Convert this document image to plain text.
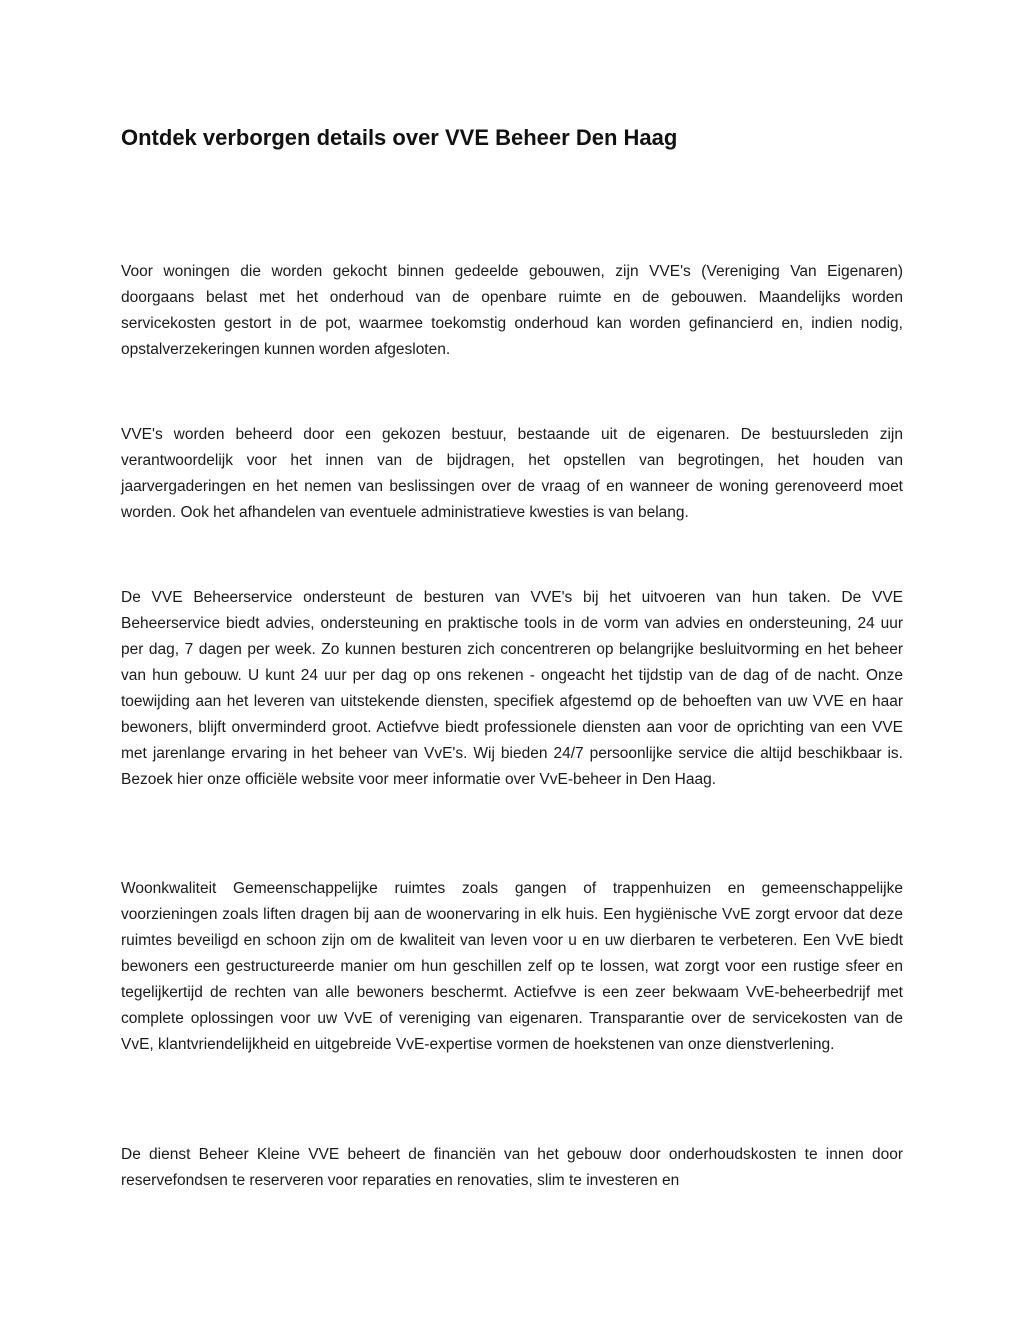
Ontdek verborgen details over VVE Beheer Den Haag

Voor woningen die worden gekocht binnen gedeelde gebouwen, zijn VVE's (Vereniging Van Eigenaren) doorgaans belast met het onderhoud van de openbare ruimte en de gebouwen. Maandelijks worden servicekosten gestort in de pot, waarmee toekomstig onderhoud kan worden gefinancierd en, indien nodig, opstalverzekeringen kunnen worden afgesloten.

VVE's worden beheerd door een gekozen bestuur, bestaande uit de eigenaren. De bestuursleden zijn verantwoordelijk voor het innen van de bijdragen, het opstellen van begrotingen, het houden van jaarvergaderingen en het nemen van beslissingen over de vraag of en wanneer de woning gerenoveerd moet worden. Ook het afhandelen van eventuele administratieve kwesties is van belang.

De VVE Beheerservice ondersteunt de besturen van VVE's bij het uitvoeren van hun taken. De VVE Beheerservice biedt advies, ondersteuning en praktische tools in de vorm van advies en ondersteuning, 24 uur per dag, 7 dagen per week. Zo kunnen besturen zich concentreren op belangrijke besluitvorming en het beheer van hun gebouw. U kunt 24 uur per dag op ons rekenen - ongeacht het tijdstip van de dag of de nacht. Onze toewijding aan het leveren van uitstekende diensten, specifiek afgestemd op de behoeften van uw VVE en haar bewoners, blijft onverminderd groot. Actiefvve biedt professionele diensten aan voor de oprichting van een VVE met jarenlange ervaring in het beheer van VvE's. Wij bieden 24/7 persoonlijke service die altijd beschikbaar is. Bezoek hier onze officiële website voor meer informatie over VvE-beheer in Den Haag.

Woonkwaliteit Gemeenschappelijke ruimtes zoals gangen of trappenhuizen en gemeenschappelijke voorzieningen zoals liften dragen bij aan de woonervaring in elk huis. Een hygiënische VvE zorgt ervoor dat deze ruimtes beveiligd en schoon zijn om de kwaliteit van leven voor u en uw dierbaren te verbeteren. Een VvE biedt bewoners een gestructureerde manier om hun geschillen zelf op te lossen, wat zorgt voor een rustige sfeer en tegelijkertijd de rechten van alle bewoners beschermt. Actiefvve is een zeer bekwaam VvE-beheerbedrijf met complete oplossingen voor uw VvE of vereniging van eigenaren. Transparantie over de servicekosten van de VvE, klantvriendelijkheid en uitgebreide VvE-expertise vormen de hoekstenen van onze dienstverlening.

De dienst Beheer Kleine VVE beheert de financiën van het gebouw door onderhoudskosten te innen door reservefondsen te reserveren voor reparaties en renovaties, slim te investeren en
